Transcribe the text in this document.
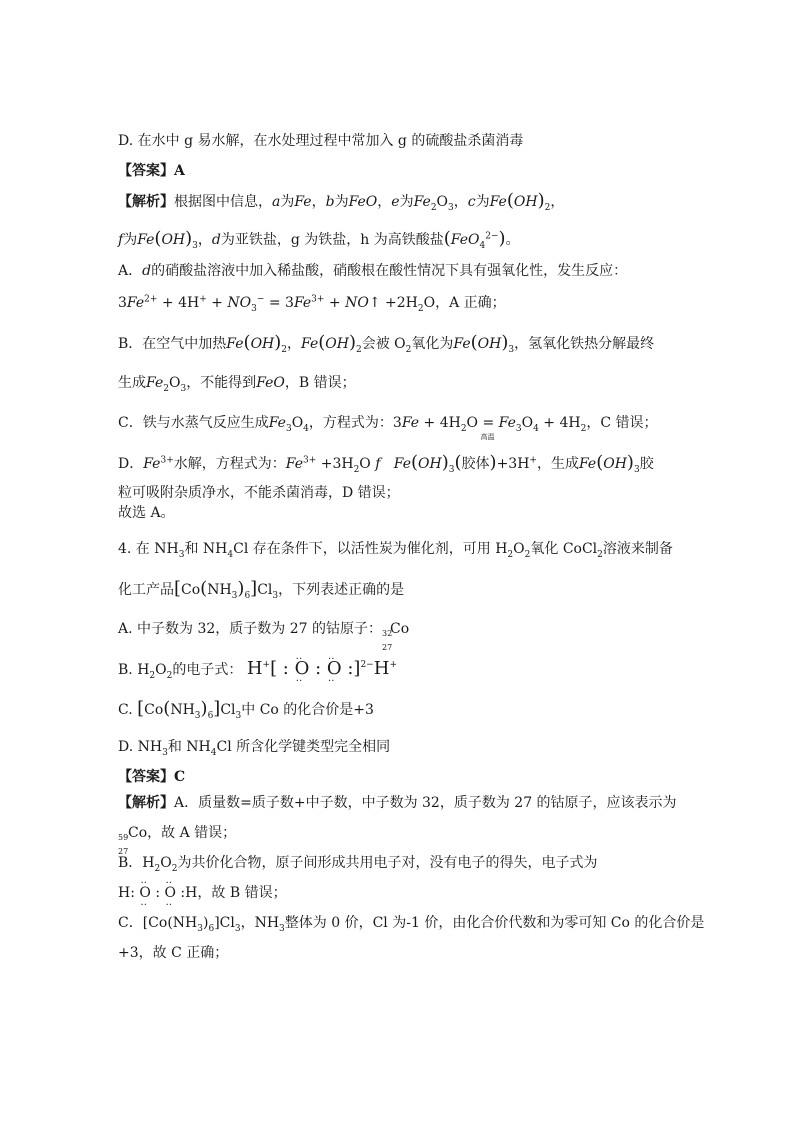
D. 在水中 g 易水解，在水处理过程中常加入 g 的硫酸盐杀菌消毒
【答案】A
【解析】根据图中信息，a为Fe，b为FeO，e为$Fe_2O_3$，c为$Fe(OH)_2$，
f为$Fe(OH)_3$，d为亚铁盐，g 为铁盐，h 为高铁酸盐(FeO$_4^{2-}$)。
A．d的硝酸盐溶液中加入稀盐酸，硝酸根在酸性情况下具有强氧化性，发生反应：
$3Fe^{2+} + 4H^+ + NO_3^- = 3Fe^{3+}$ + NO↑ $+2H_2O$，A 正确；
B．在空气中加热$Fe(OH)_2$，$Fe(OH)_2$会被 $O_2$氧化为$Fe(OH)_3$，氢氧化铁热分解最终
生成$Fe_2O_3$，不能得到FeO，B 错误；
C．铁与水蒸气反应生成$Fe_3O_4$，方程式为：$3Fe + 4H_2O$ =
高温
$Fe_3O_4 + 4H_2$，C 错误；
D．$Fe^{3+}$水解，方程式为：$Fe^{3+} +3H_2O$ f $Fe(OH)_3$(胶体)+3H+，生成$Fe(OH)_3$胶
粒可吸附杂质净水，不能杀菌消毒，D 错误；
故选 A。
4. 在 $NH_3$和 $NH_4Cl$ 存在条件下，以活性炭为催化剂，可用 $H_2O_2$氧化 CoCl$_2$溶液来制备
化工产品$[Co(NH_3)_6]Cl_3$，下列表述正确的是
A. 中子数为 32，质子数为 27 的钴原子： 32
27
Co
B. $H_2O_2$的电子式： H+[ : ‥ O ‥ : ‥ O ‥ :]$^{2-}$H+
C. $[Co(NH_3)_6]Cl_3$中 Co 的化合价是+3
D. $NH_3$和 $NH_4Cl$ 所含化学键类型完全相同
【答案】C
【解析】A．质量数=质子数+中子数，中子数为 32，质子数为 27 的钴原子，应该表示为
59
27
Co，故 A 错误；
B．$H_2O_2$为共价化合物，原子间形成共用电子对，没有电子的得失，电子式为
H: ‥ O ‥ : ‥ O ‥ :H，故 B 错误；
C．$[Co(NH_3)_6]Cl_3$，$NH_3$整体为 0 价，Cl 为-1 价，由化合价代数和为零可知 Co 的化合价是
+3，故 C 正确；
